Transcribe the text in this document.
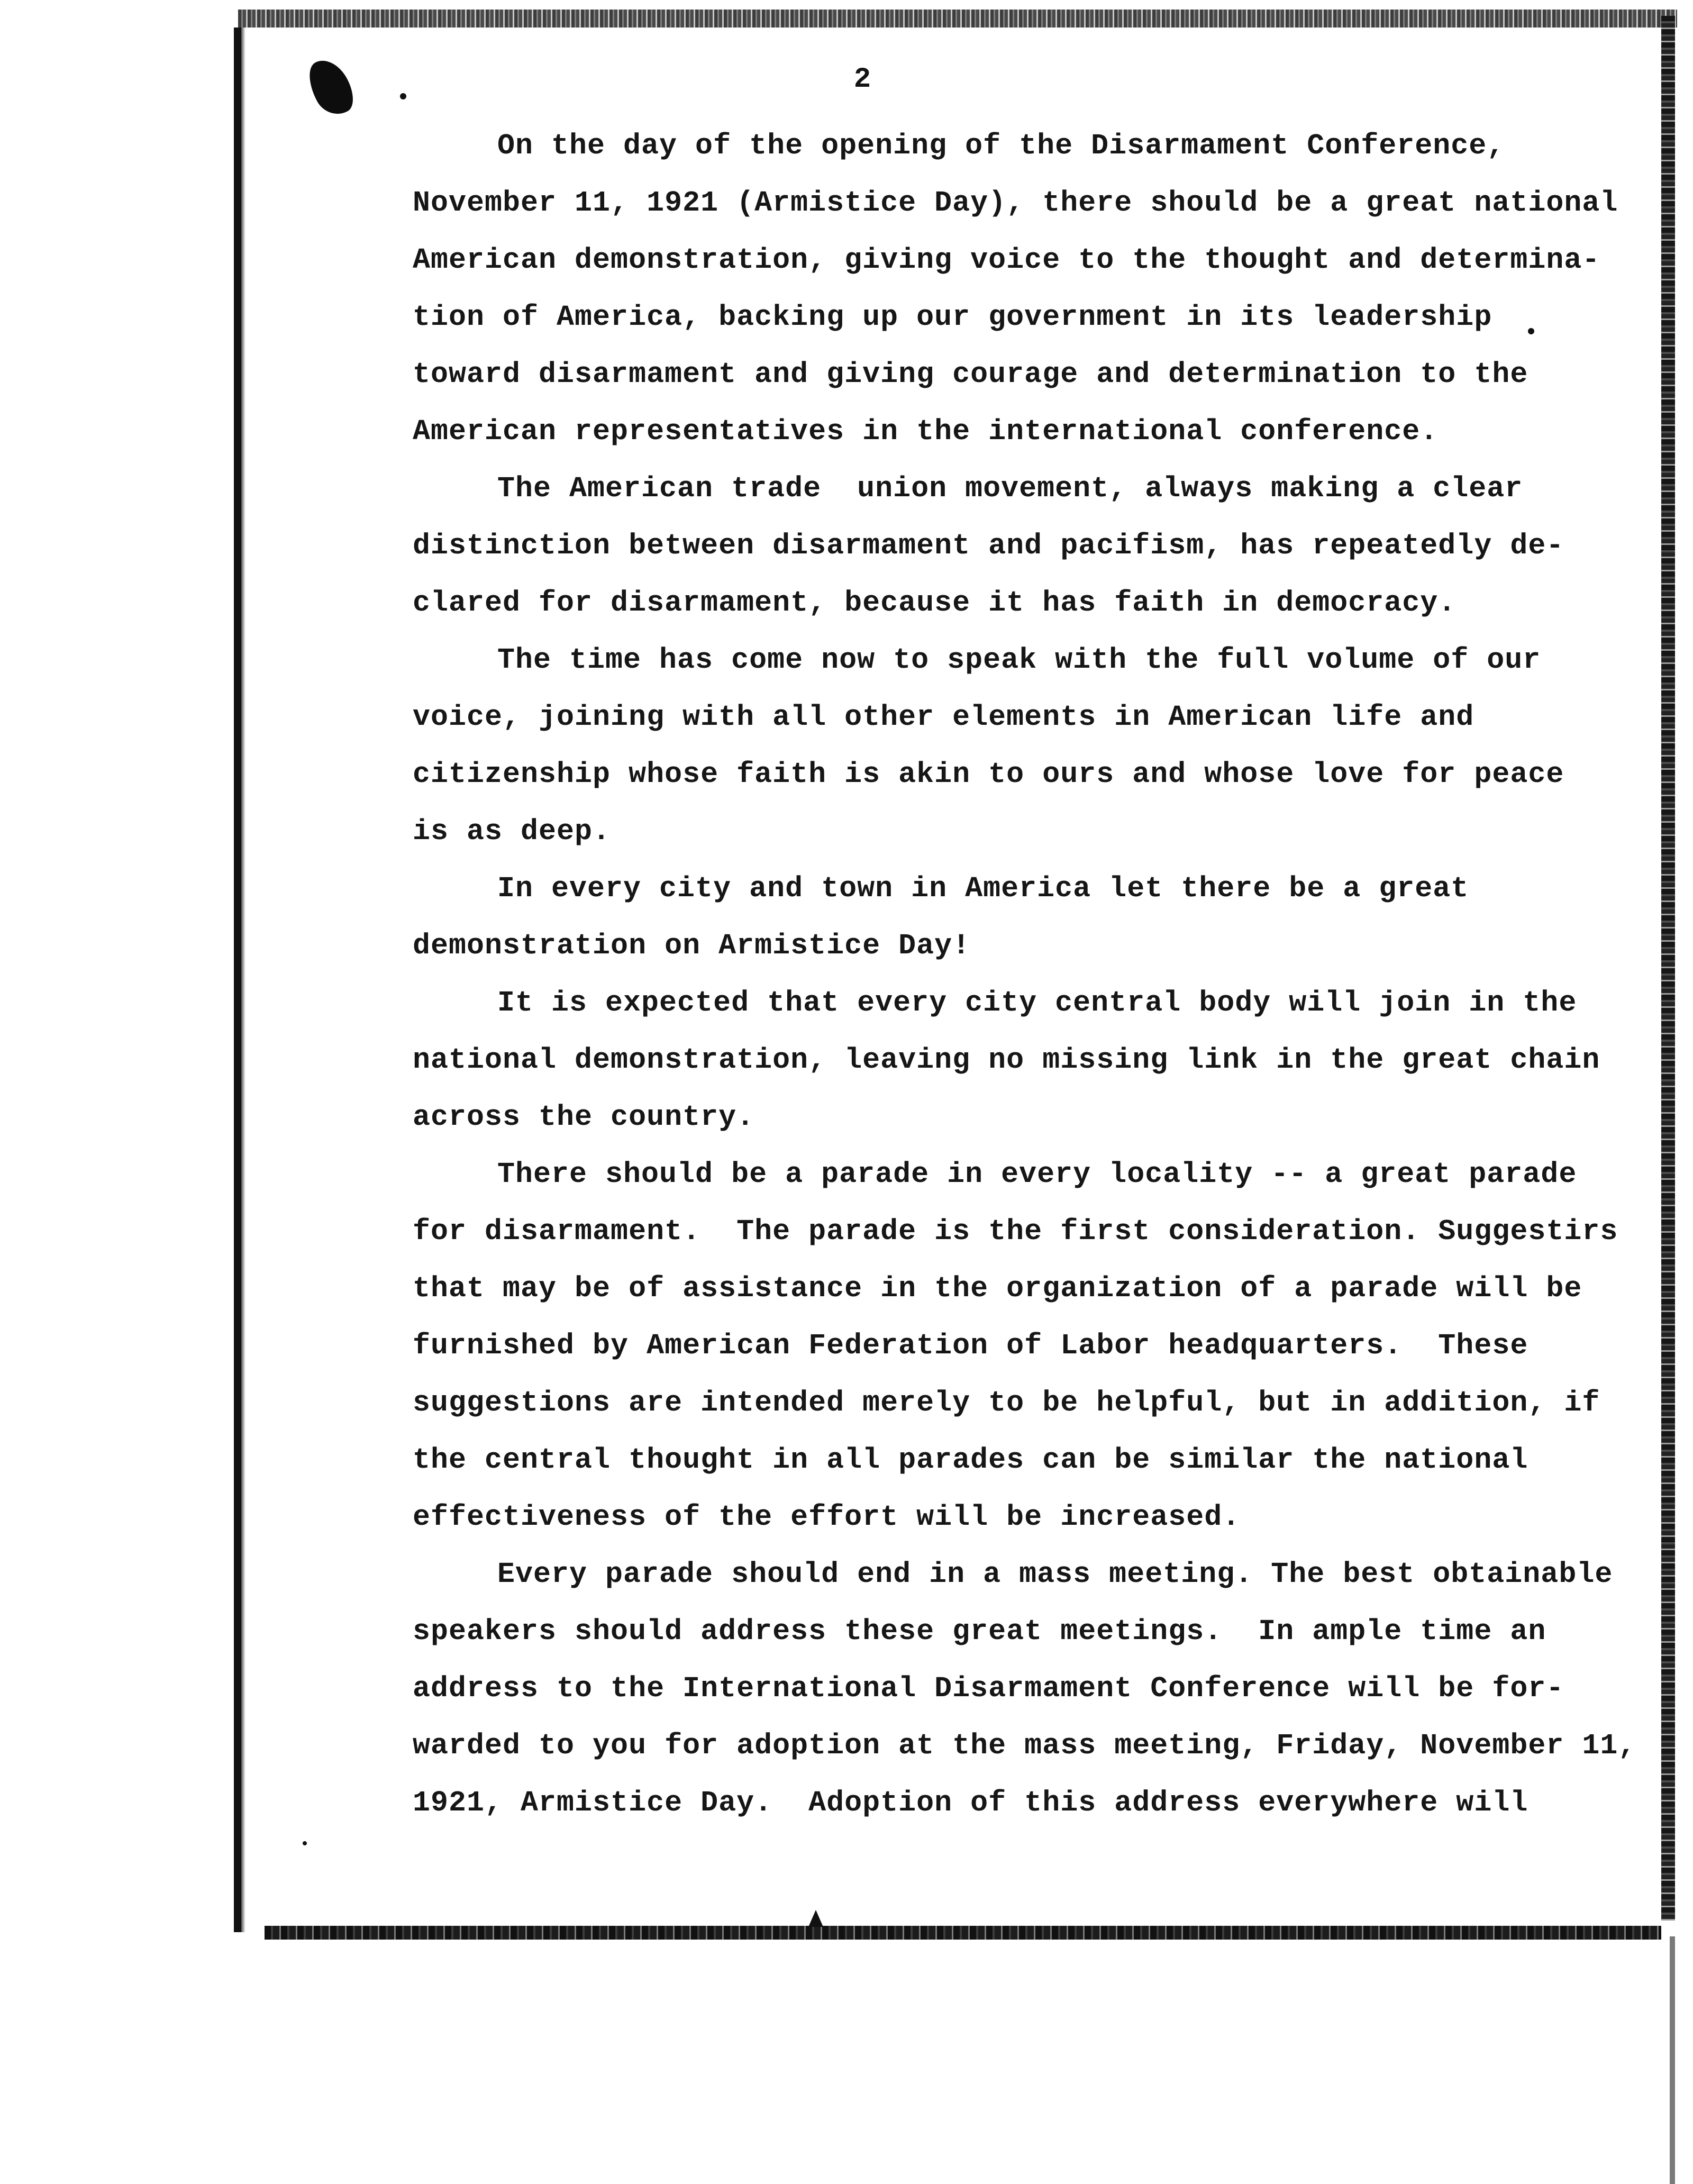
2
On the day of the opening of the Disarmament Conference,
November 11, 1921 (Armistice Day), there should be a great national
American demonstration, giving voice to the thought and determina-
tion of America, backing up our government in its leadership
toward disarmament and giving courage and determination to the
American representatives in the international conference.
The American trade  union movement, always making a clear
distinction between disarmament and pacifism, has repeatedly de-
clared for disarmament, because it has faith in democracy.
The time has come now to speak with the full volume of our
voice, joining with all other elements in American life and
citizenship whose faith is akin to ours and whose love for peace
is as deep.
In every city and town in America let there be a great
demonstration on Armistice Day!
It is expected that every city central body will join in the
national demonstration, leaving no missing link in the great chain
across the country.
There should be a parade in every locality -- a great parade
for disarmament.  The parade is the first consideration. Suggestirs
that may be of assistance in the organization of a parade will be
furnished by American Federation of Labor headquarters.  These
suggestions are intended merely to be helpful, but in addition, if
the central thought in all parades can be similar the national
effectiveness of the effort will be increased.
Every parade should end in a mass meeting. The best obtainable
speakers should address these great meetings.  In ample time an
address to the International Disarmament Conference will be for-
warded to you for adoption at the mass meeting, Friday, November 11,
1921, Armistice Day.  Adoption of this address everywhere will
